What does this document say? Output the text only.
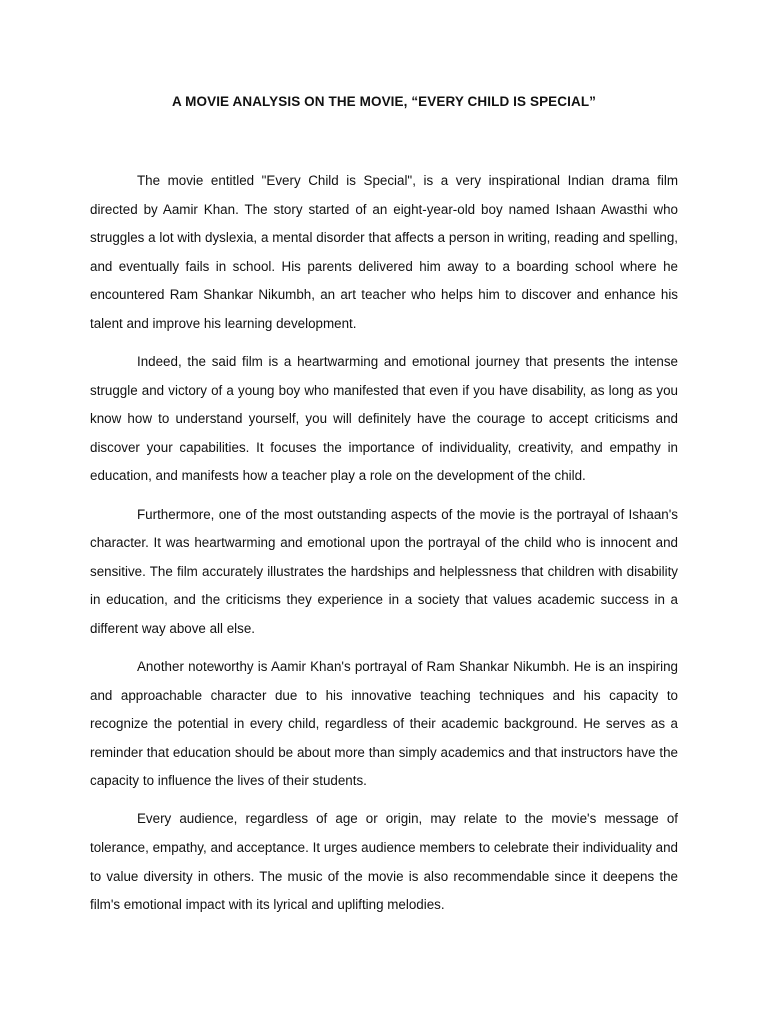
A MOVIE ANALYSIS ON THE MOVIE, “EVERY CHILD IS SPECIAL”

The movie entitled "Every Child is Special", is a very inspirational Indian drama film directed by Aamir Khan. The story started of an eight-year-old boy named Ishaan Awasthi who struggles a lot with dyslexia, a mental disorder that affects a person in writing, reading and spelling, and eventually fails in school. His parents delivered him away to a boarding school where he encountered Ram Shankar Nikumbh, an art teacher who helps him to discover and enhance his talent and improve his learning development.

Indeed, the said film is a heartwarming and emotional journey that presents the intense struggle and victory of a young boy who manifested that even if you have disability, as long as you know how to understand yourself, you will definitely have the courage to accept criticisms and discover your capabilities. It focuses the importance of individuality, creativity, and empathy in education, and manifests how a teacher play a role on the development of the child.

Furthermore, one of the most outstanding aspects of the movie is the portrayal of Ishaan's character. It was heartwarming and emotional upon the portrayal of the child who is innocent and sensitive. The film accurately illustrates the hardships and helplessness that children with disability in education, and the criticisms they experience in a society that values academic success in a different way above all else.

Another noteworthy is Aamir Khan's portrayal of Ram Shankar Nikumbh. He is an inspiring and approachable character due to his innovative teaching techniques and his capacity to recognize the potential in every child, regardless of their academic background. He serves as a reminder that education should be about more than simply academics and that instructors have the capacity to influence the lives of their students.

Every audience, regardless of age or origin, may relate to the movie's message of tolerance, empathy, and acceptance. It urges audience members to celebrate their individuality and to value diversity in others. The music of the movie is also recommendable since it deepens the film's emotional impact with its lyrical and uplifting melodies.
